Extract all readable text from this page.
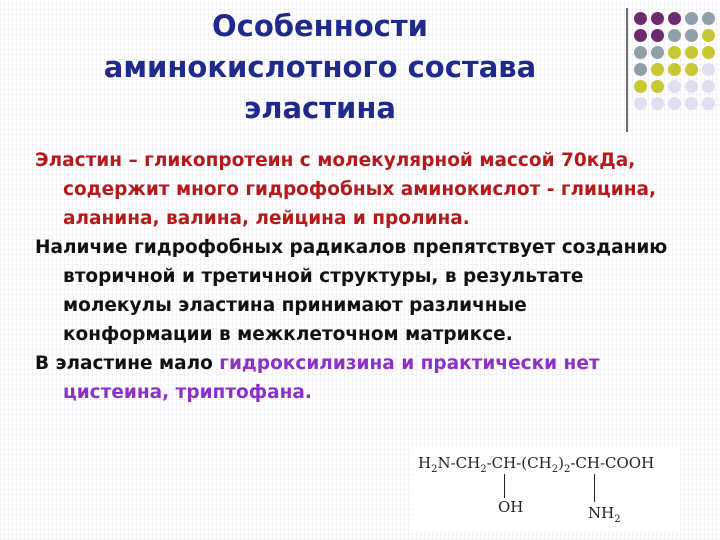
Особенности
аминокислотного состава
эластина
Эластин – гликопротеин с молекулярной массой 70кДа, содержит много гидрофобных аминокислот - глицина, аланина, валина, лейцина и пролина.
Наличие гидрофобных радикалов препятствует созданию вторичной и третичной структуры, в результате молекулы эластина принимают различные конформации в межклеточном матриксе.
В эластине мало гидроксилизина и практически нет цистеина, триптофана.
$H_2N-CH_2-CH-(CH_2)_2-CH$-COOH
OH	$NH_2$
